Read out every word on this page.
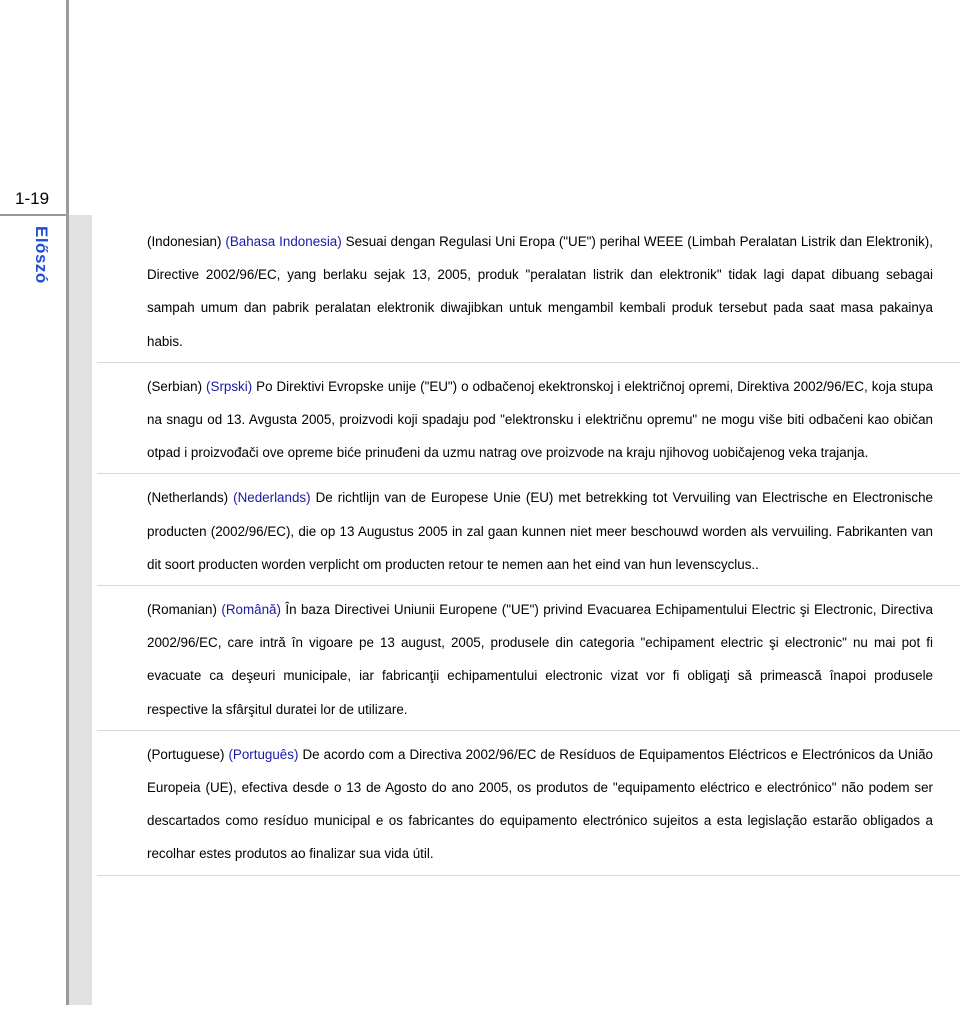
1-19
Előszó	(Indonesian) (Bahasa Indonesia) Sesuai dengan Regulasi Uni Eropa ("UE") perihal WEEE (Limbah Peralatan Listrik dan Elektronik), Directive 2002/96/EC, yang berlaku sejak 13, 2005, produk "peralatan listrik dan elektronik" tidak lagi dapat dibuang sebagai sampah umum dan pabrik peralatan elektronik diwajibkan untuk mengambil kembali produk tersebut pada saat masa pakainya habis.

(Serbian) (Srpski) Po Direktivi Evropske unije ("EU") o odbačenoj ekektronskoj i električnoj opremi, Direktiva 2002/96/EC, koja stupa na snagu od 13. Avgusta 2005, proizvodi koji spadaju pod "elektronsku i električnu opremu" ne mogu više biti odbačeni kao običan otpad i proizvođači ove opreme biće prinuđeni da uzmu natrag ove proizvode na kraju njihovog uobičajenog veka trajanja.

(Netherlands) (Nederlands) De richtlijn van de Europese Unie (EU) met betrekking tot Vervuiling van Electrische en Electronische producten (2002/96/EC), die op 13 Augustus 2005 in zal gaan kunnen niet meer beschouwd worden als vervuiling. Fabrikanten van dit soort producten worden verplicht om producten retour te nemen aan het eind van hun levenscyclus..

(Romanian) (Română) În baza Directivei Uniunii Europene ("UE") privind Evacuarea Echipamentului Electric şi Electronic, Directiva 2002/96/EC, care intră în vigoare pe 13 august, 2005, produsele din categoria "echipament electric şi electronic" nu mai pot fi evacuate ca deşeuri municipale, iar fabricanţii echipamentului electronic vizat vor fi obligaţi să primească înapoi produsele respective la sfârşitul duratei lor de utilizare.

(Portuguese) (Português) De acordo com a Directiva 2002/96/EC de Resíduos de Equipamentos Eléctricos e Electrónicos da União Europeia (UE), efectiva desde o 13 de Agosto do ano 2005, os produtos de "equipamento eléctrico e electrónico" não podem ser descartados como resíduo municipal e os fabricantes do equipamento electrónico sujeitos a esta legislação estarão obligados a recolhar estes produtos ao finalizar sua vida útil.
